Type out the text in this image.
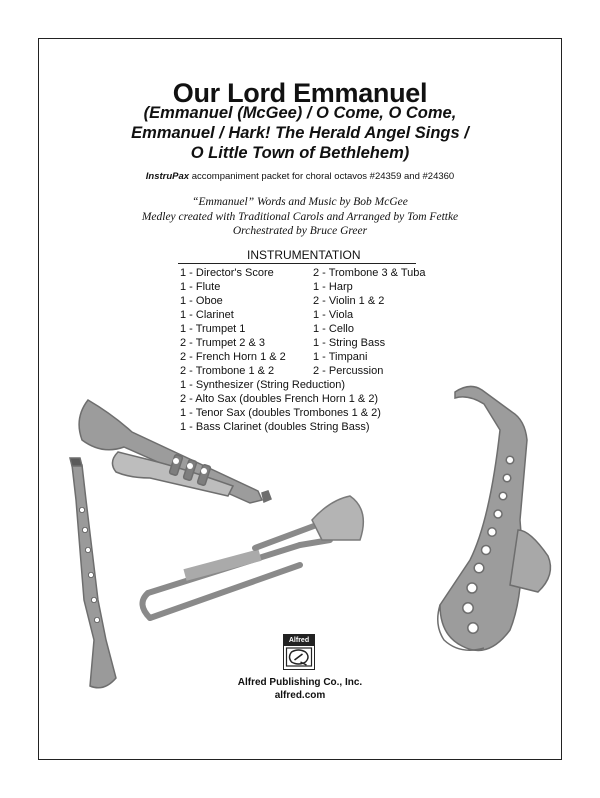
Our Lord Emmanuel
(Emmanuel (McGee) / O Come, O Come,
Emmanuel / Hark! The Herald Angel Sings /
O Little Town of Bethlehem)
InstruPax accompaniment packet for choral octavos #24359 and #24360
“Emmanuel” Words and Music by Bob McGee
Medley created with Traditional Carols and Arranged by Tom Fettke
Orchestrated by Bruce Greer
INSTRUMENTATION
1 - Director's Score
1 - Flute
1 - Oboe
1 - Clarinet
1 - Trumpet 1
2 - Trumpet 2 & 3
2 - French Horn 1 & 2
2 - Trombone 1 & 2
2 - Trombone 3 & Tuba
1 - Harp
2 - Violin 1 & 2
1 - Viola
1 - Cello
1 - String Bass
1 - Timpani
2 - Percussion
1 - Synthesizer (String Reduction)
2 - Alto Sax (doubles French Horn 1 & 2)
1 - Tenor Sax (doubles Trombones 1 & 2)
1 - Bass Clarinet (doubles String Bass)
Alfred
Alfred Publishing Co., Inc.
alfred.com
